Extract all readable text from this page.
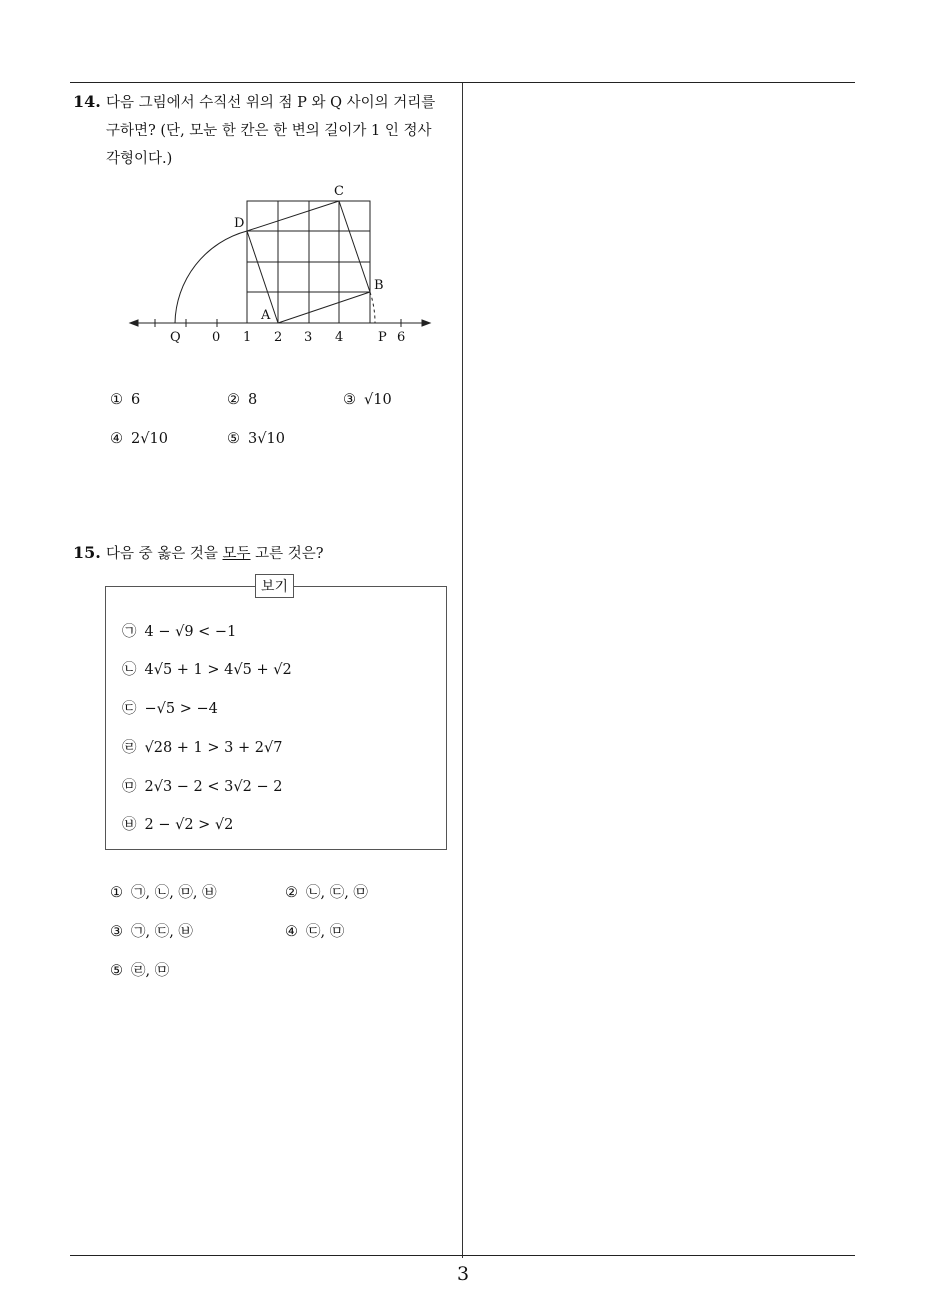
14. 다음 그림에서 수직선 위의 점 P 와 Q 사이의 거리를
구하면? (단, 모눈 한 칸은 한 변의 길이가 1 인 정사
각형이다.)
C
D
B
A
Q 0 1 2 3 4	P 6
① 6	② 8	③ √10
④ 2√10	⑤ 3√10
15. 다음 중 옳은 것을 모두 고른 것은?
보기
㉠ 4 − √9 < −1
㉡ 4√5 + 1 > 4√5 + √2
㉢ −√5 > −4
㉣ √28 + 1 > 3 + 2√7
㉤ 2√3 − 2 < 3√2 − 2
㉥ 2 − √2 > √2
① ㉠, ㉡, ㉤, ㉥	② ㉡, ㉢, ㉤
③ ㉠, ㉢, ㉥	④ ㉢, ㉤
⑤ ㉣, ㉤
3
